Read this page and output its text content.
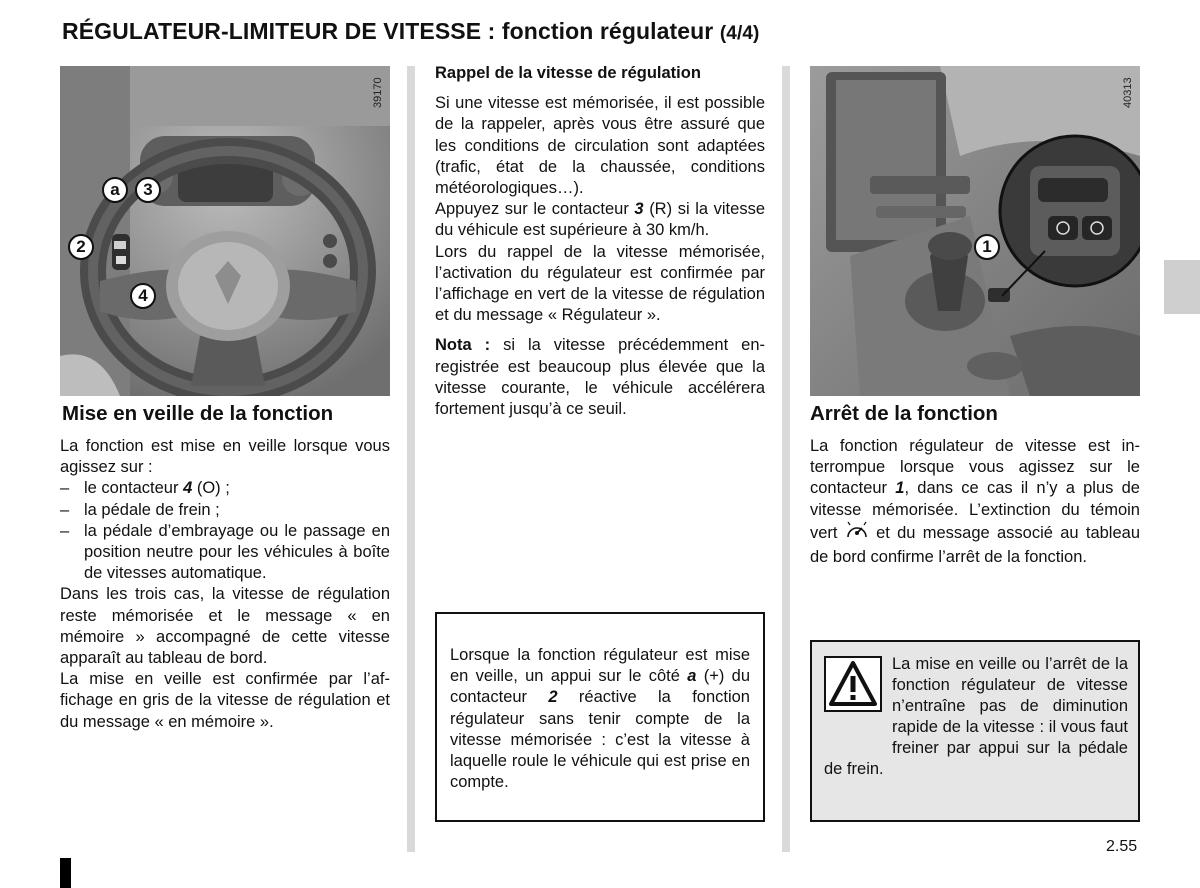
RÉGULATEUR-LIMITEUR DE VITESSE : fonction régulateur (4/4)
39170
a	3
2
4
Mise en veille de la fonction

La fonction est mise en veille lorsque vous agissez sur :

– le contacteur 4 (O) ;
– la pédale de frein ;
– la pédale d’embrayage ou le passage en position neutre pour les véhicules à boîte de vitesses automatique.

Dans les trois cas, la vitesse de régulation reste mémorisée et le message « en mémoire » accompagné de cette vitesse apparaît au tableau de bord.

La mise en veille est confirmée par l’affichage en gris de la vitesse de régulation et du message « en mémoire ».

Rappel de la vitesse de régulation

Si une vitesse est mémorisée, il est possible de la rappeler, après vous être assuré que les conditions de circulation sont adaptées (trafic, état de la chaussée, conditions météorologiques…).

Appuyez sur le contacteur 3 (R) si la vitesse du véhicule est supérieure à 30 km/h.

Lors du rappel de la vitesse mémorisée, l’activation du régulateur est confirmée par l’affichage en vert de la vitesse de régulation et du message « Régulateur ».

Nota : si la vitesse précédemment enregistrée est beaucoup plus élevée que la vitesse courante, le véhicule accélérera fortement jusqu’à ce seuil.

Lorsque la fonction régulateur est mise en veille, un appui sur le côté a (+) du contacteur 2 réactive la fonction régulateur sans tenir compte de la vitesse mémorisée : c’est la vitesse à laquelle roule le véhicule qui est prise en compte.

40313
1
Arrêt de la fonction

La fonction régulateur de vitesse est interrompue lorsque vous agissez sur le contacteur 1, dans ce cas il n’y a plus de vitesse mémorisée. L’extinction du témoin vert  et du message associé au tableau de bord confirme l’arrêt de la fonction.

La mise en veille ou l’arrêt de la fonction régulateur de vitesse n’entraîne pas de diminution rapide de la vitesse : il vous faut freiner par appui sur la pédale de frein.

2.55
